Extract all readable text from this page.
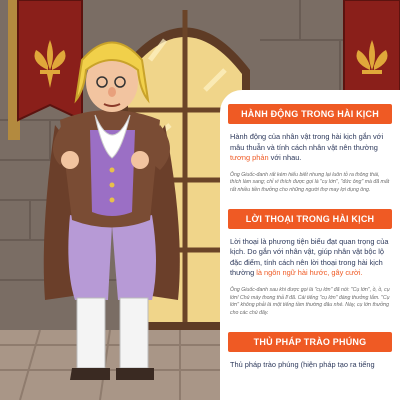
HÀNH ĐỘNG TRONG HÀI KỊCH
Hành động của nhân vật trong hài kịch gắn với mâu thuẫn và tính cách nhân vật nên thường tương phản với nhau.
Ông Giuốc-đanh rất kém hiểu biết nhưng lại luôn tỏ ra thông thái, thích làm sang; chỉ vì thích được gọi là "cụ lớn", "đức ông" mà đã mất rất nhiều tiền thưởng cho những người thợ may lợi dụng ông.
LỜI THOẠI TRONG HÀI KỊCH
Lời thoại là phương tiện biểu đạt quan trọng của kịch. Do gắn với nhân vật, giúp nhân vật bộc lộ đặc điểm, tính cách nên lời thoại trong hài kịch thường là ngôn ngữ hài hước, gây cười.
Ông Giuốc-đanh sau khi được gọi là "cụ lớn" đã nói: "Cụ lớn", ồ, ồ, cụ lớn! Chú mày thong thả lĩ đã. Cái tiếng "cụ lớn" đáng thưởng lắm. "Cụ lớn" không phải là một tiếng tầm thường đâu nhé. Này, cụ lớn thưởng cho các chú đây.
THỦ PHÁP TRÀO PHÚNG
Thủ pháp trào phúng (hiện pháp tạo ra tiếng
